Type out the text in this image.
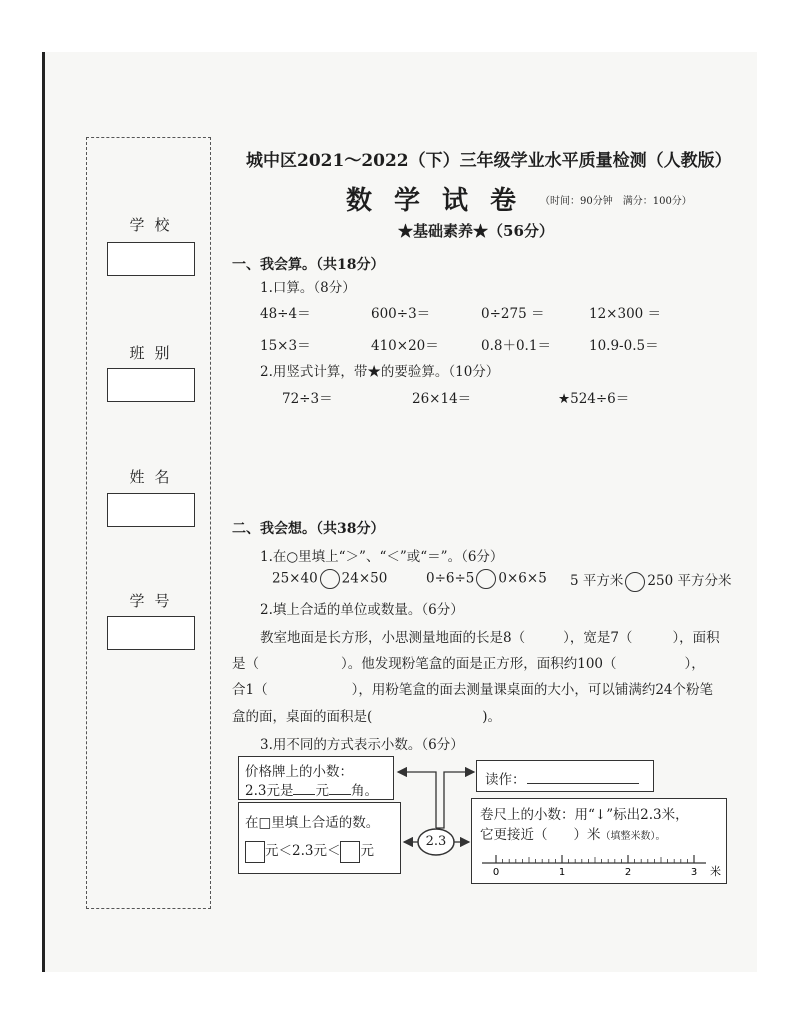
学校
班别
姓名
学号
城中区2021～2022（下）三年级学业水平质量检测（人教版）
数学试卷 （时间：90分钟　满分：100分）
★基础素养★（56分）
一、我会算。（共18分）
1.口算。（8分）
48÷4＝	600÷3＝	0÷275 ＝	12×300 ＝
15×3＝	410×20＝	0.8＋0.1＝	10.9-0.5＝
2.用竖式计算，带★的要验算。（10分）
72÷3＝	26×14＝	★524÷6＝
二、我会想。（共38分）
1.在○里填上“＞”、“＜”或“＝”。（6分）
25×40 24×50	0÷6÷5 0×6×5 5 平方米 250 平方分米
2.填上合适的单位或数量。（6分）
教室地面是长方形，小思测量地面的长是8（	），宽是7（	），面积
是（	）。他发现粉笔盒的面是正方形，面积约100（	），
合1（	），用粉笔盒的面去测量课桌面的大小，可以铺满约24个粉笔
盒的面，桌面的面积是(	)。
3.用不同的方式表示小数。（6分）
价格牌上的小数：
2.3元是 元 角。
在□里填上合适的数。
元＜2.3元＜ 元
读作：
卷尺上的小数：用“↓”标出2.3米，
它更接近（ ）米（填整米数）。
0	1	2	3 米
2.3
